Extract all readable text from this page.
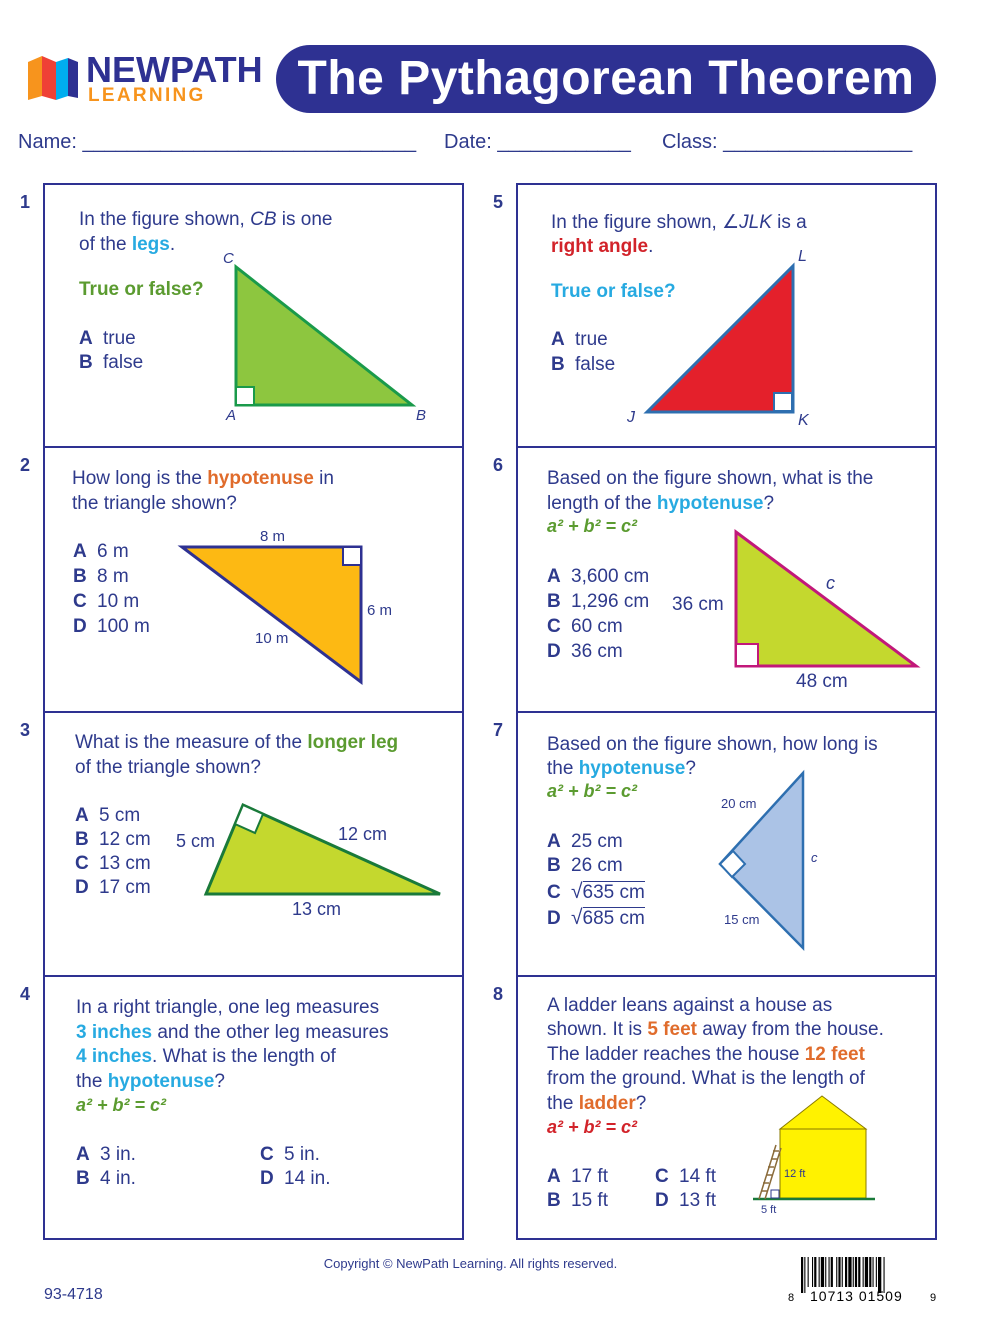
NEWPATH
LEARNING	The Pythagorean Theorem
Name: ______________________________ Date: ____________ Class: _________________
1
In the figure shown, CB is one
of the legs.
True or false?
A true
B false
C
A	B
2
How long is the hypotenuse in
the triangle shown?
A 6 m
B 8 m
C 10 m
D 100 m
8 m
6 m
10 m
3
What is the measure of the longer leg
of the triangle shown?
A 5 cm
B 12 cm
C 13 cm
D 17 cm
5 cm	12 cm
13 cm
4
In a right triangle, one leg measures
3 inches and the other leg measures
4 inches. What is the length of
the hypotenuse?
a² + b² = c²
A 3 in.
B 4 in.
C 5 in.
D 14 in.
5
In the figure shown, ∠JLK is a
right angle.
True or false?
A true
B false
L
J	K
6
Based on the figure shown, what is the
length of the hypotenuse?
a² + b² = c²
A 3,600 cm
B 1,296 cm
C 60 cm
D 36 cm
36 cm
48 cm
c
7
Based on the figure shown, how long is
the hypotenuse?
a² + b² = c²
A 25 cm
B 26 cm
C √635 cm
D √685 cm
20 cm
15 cm
c
8
A ladder leans against a house as
shown. It is 5 feet away from the house.
The ladder reaches the house 12 feet
from the ground. What is the length of
the ladder?
a² + b² = c²
A 17 ft
B 15 ft
C 14 ft
D 13 ft
12 ft
5 ft
Copyright © NewPath Learning. All rights reserved.
93-4718	8 10713 01509 9
